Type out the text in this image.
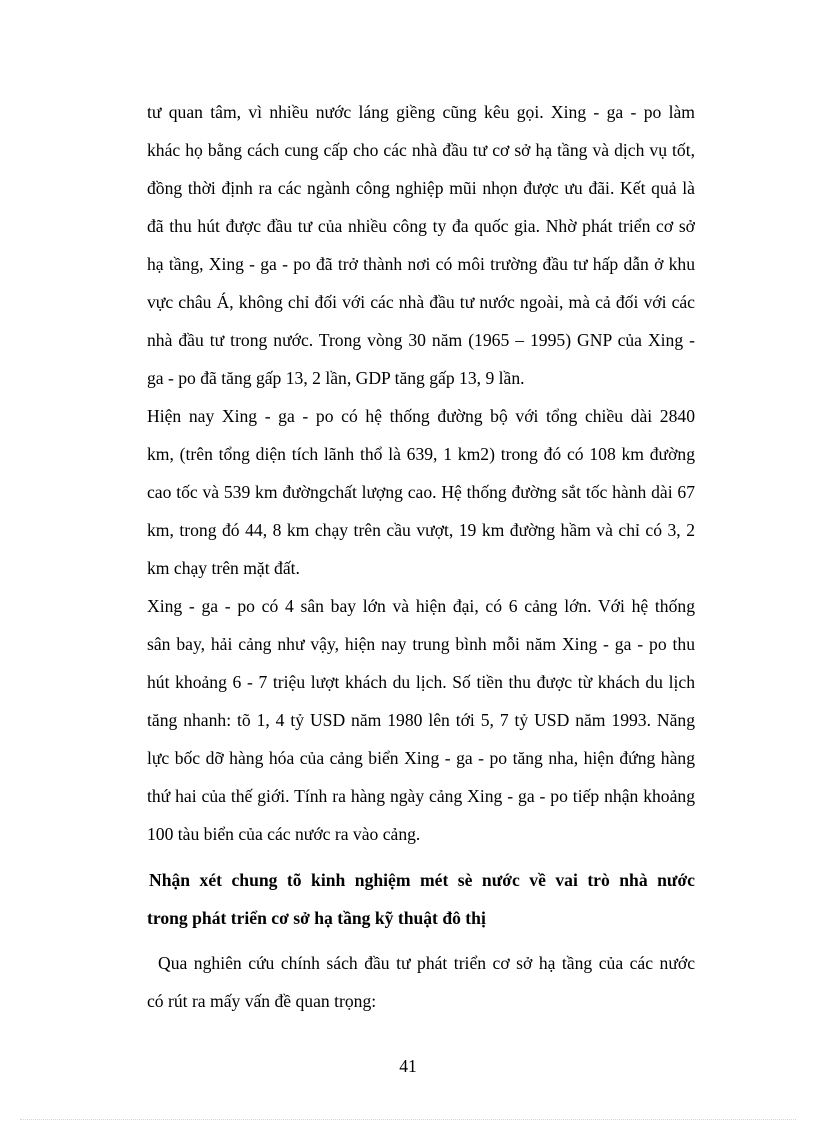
tư quan tâm, vì nhiều nước láng giềng cũng kêu gọi. Xing - ga - po làm
khác họ bằng cách cung cấp cho các nhà đầu tư cơ sở hạ tầng và dịch vụ tốt,
đồng thời định ra các ngành công nghiệp mũi nhọn được ưu đãi. Kết quả là
đã thu hút được đầu tư của nhiều công ty đa quốc gia. Nhờ phát triển cơ sở
hạ tầng, Xing - ga - po đã trở thành nơi có môi trường đầu tư hấp dẫn ở khu
vực châu Á, không chỉ đối với các nhà đầu tư nước ngoài, mà cả đối với các
nhà đầu tư trong nước. Trong vòng 30 năm (1965 – 1995) GNP của Xing -
ga - po đã tăng gấp 13, 2 lần, GDP tăng gấp 13, 9 lần.
Hiện nay Xing - ga - po có hệ thống đường bộ với tổng chiều dài 2840
km, (trên tổng diện tích lãnh thổ là 639, 1 km2) trong đó có 108 km đường
cao tốc và 539 km đườngchất lượng cao. Hệ thống đường sắt tốc hành dài 67
km, trong đó 44, 8 km chạy trên cầu vượt, 19 km đường hầm và chỉ có 3, 2
km chạy trên mặt đất.
Xing - ga - po có 4 sân bay lớn và hiện đại, có 6 cảng lớn. Với hệ thống
sân bay, hải cảng như vậy, hiện nay trung bình mỗi năm Xing - ga - po thu
hút khoảng 6 - 7 triệu lượt khách du lịch. Số tiền thu được từ khách du lịch
tăng nhanh: tõ 1, 4 tỷ USD năm 1980 lên tới 5, 7 tỷ USD năm 1993. Năng
lực bốc dỡ hàng hóa của cảng biển Xing - ga - po tăng nha, hiện đứng hàng
thứ hai của thế giới. Tính ra hàng ngày cảng Xing - ga - po tiếp nhận khoảng
100 tàu biển của các nước ra vào cảng.
Nhận xét chung tõ kinh nghiệm mét sè nước về vai trò nhà nước
trong phát triển cơ sở hạ tầng kỹ thuật đô thị
Qua nghiên cứu chính sách đầu tư phát triển cơ sở hạ tầng của các nước
có rút ra mấy vấn đề quan trọng:
41
